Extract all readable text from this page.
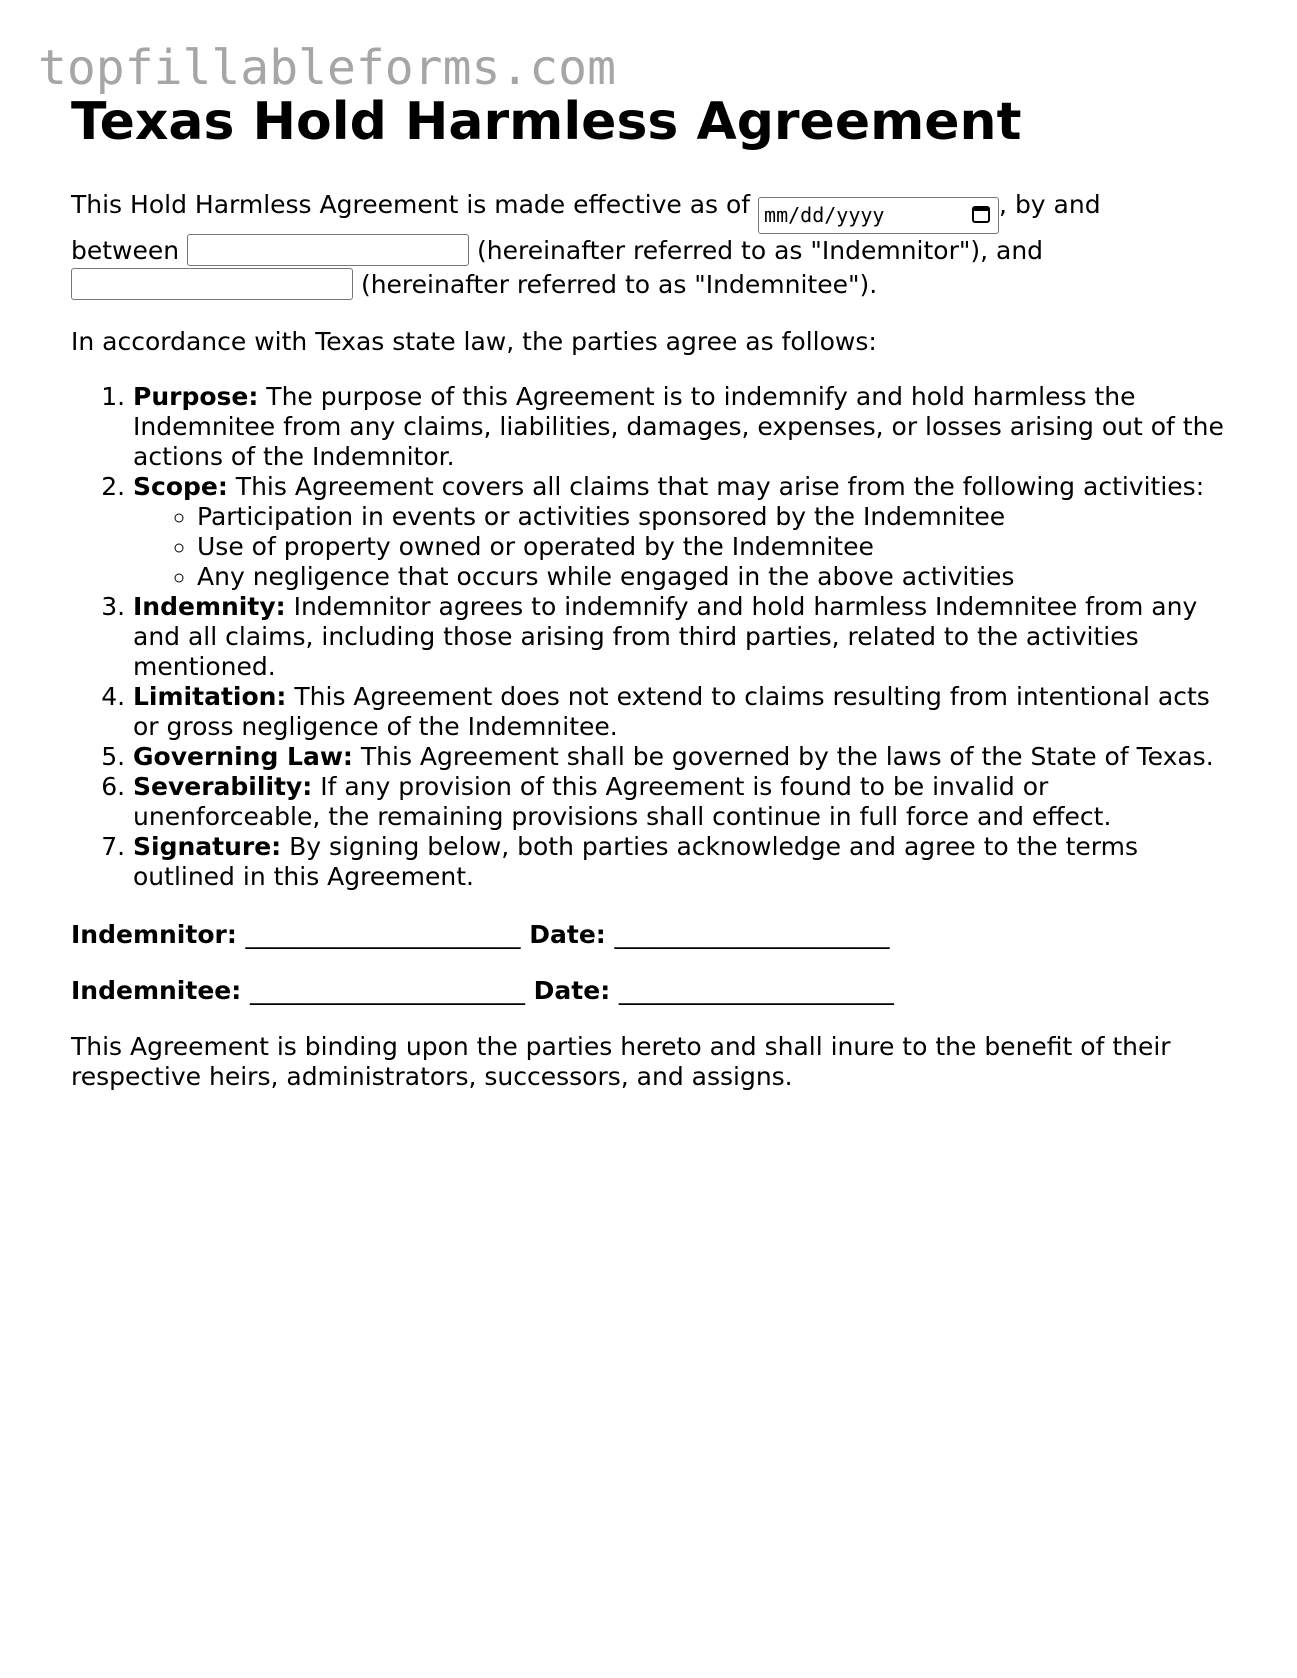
topfillableforms.com
Texas Hold Harmless Agreement

This Hold Harmless Agreement is made effective as of mm/dd/yyyy	, by and between	(hereinafter referred to as "Indemnitor"), and  (hereinafter referred to as "Indemnitee").

In accordance with Texas state law, the parties agree as follows:

1. Purpose: The purpose of this Agreement is to indemnify and hold harmless the Indemnitee from any claims, liabilities, damages, expenses, or losses arising out of the actions of the Indemnitor.
2. Scope: This Agreement covers all claims that may arise from the following activities:
◦ Participation in events or activities sponsored by the Indemnitee
◦ Use of property owned or operated by the Indemnitee
◦ Any negligence that occurs while engaged in the above activities
3. Indemnity: Indemnitor agrees to indemnify and hold harmless Indemnitee from any and all claims, including those arising from third parties, related to the activities mentioned.
4. Limitation: This Agreement does not extend to claims resulting from intentional acts or gross negligence of the Indemnitee.
5. Governing Law: This Agreement shall be governed by the laws of the State of Texas.
6. Severability: If any provision of this Agreement is found to be invalid or unenforceable, the remaining provisions shall continue in full force and effect.
7. Signature: By signing below, both parties acknowledge and agree to the terms outlined in this Agreement.
Indemnitor: ______________________ Date: ______________________
Indemnitee: ______________________ Date: ______________________

This Agreement is binding upon the parties hereto and shall inure to the benefit of their respective heirs, administrators, successors, and assigns.
